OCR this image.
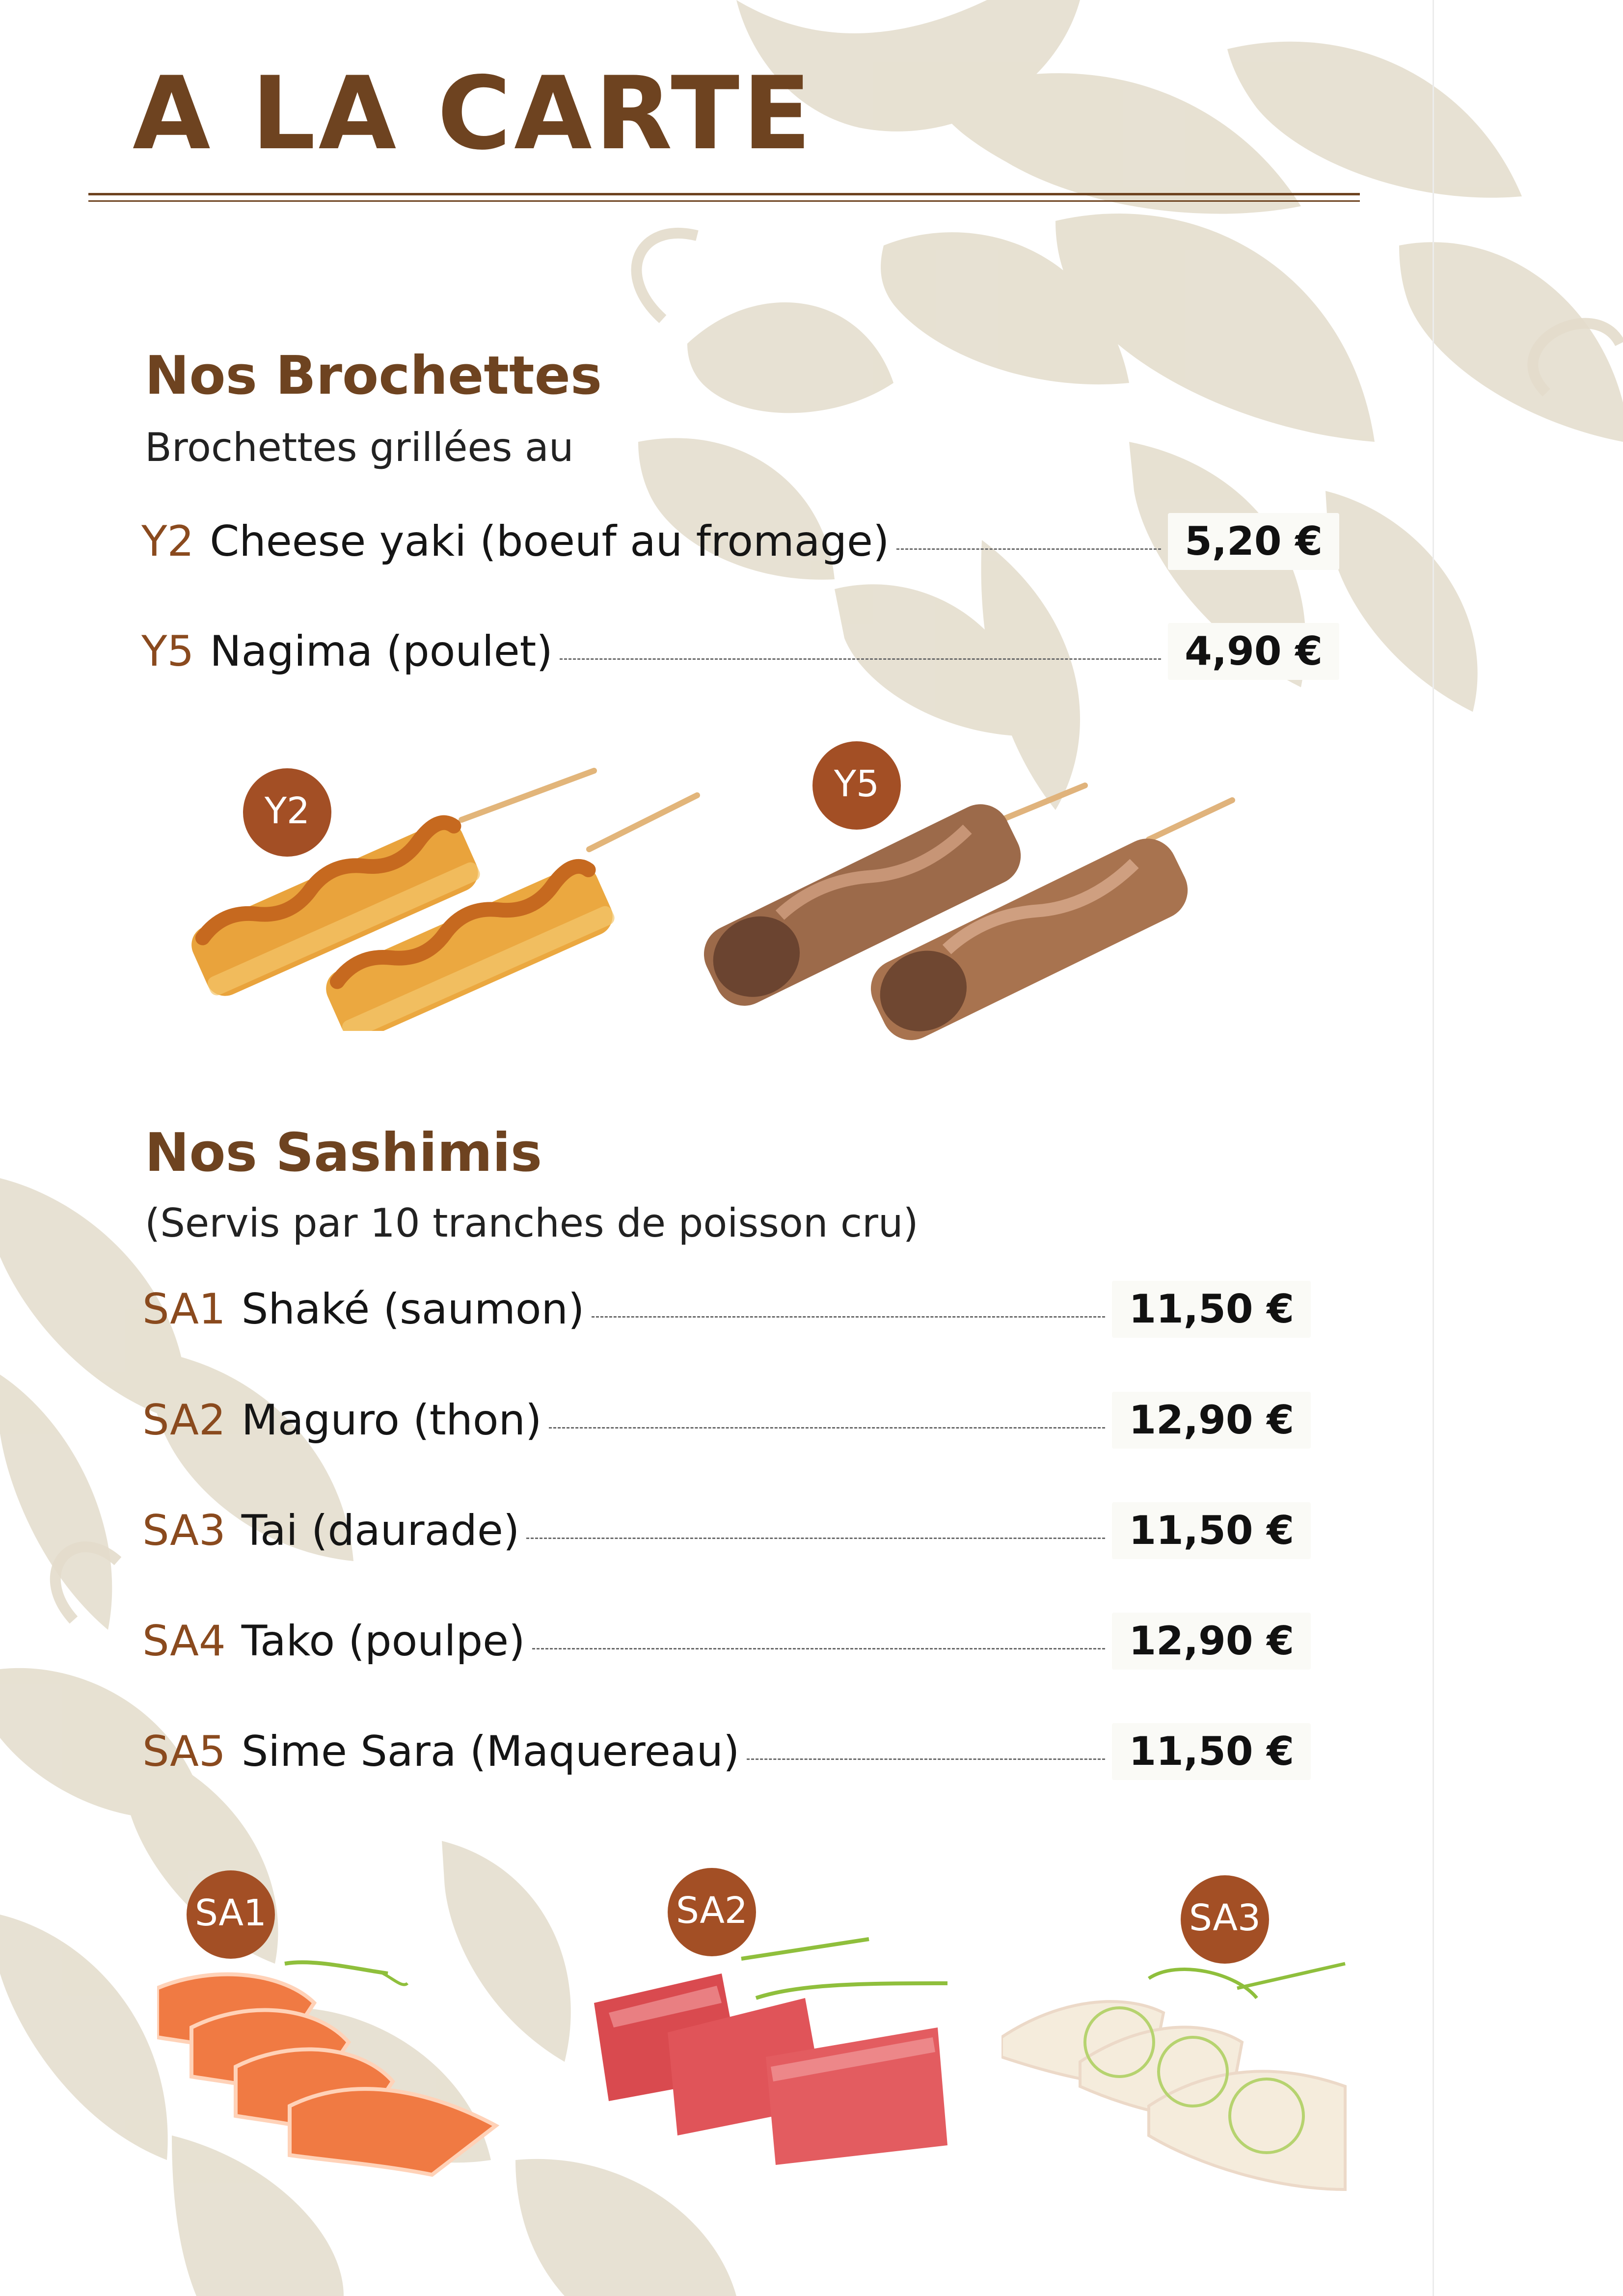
A LA CARTE
Nos Brochettes
Brochettes grillées au
Y2 Cheese yaki (boeuf au fromage)	5,20 €
Y5 Nagima (poulet)	4,90 €
Y2
Y5
Nos Sashimis
(Servis par 10 tranches de poisson cru)
SA1 Shaké (saumon)	11,50 €
SA2 Maguro (thon)	12,90 €
SA3 Tai (daurade)	11,50 €
SA4 Tako (poulpe)	12,90 €
SA5 Sime Sara (Maquereau)	11,50 €
SA1	SA2	SA3
